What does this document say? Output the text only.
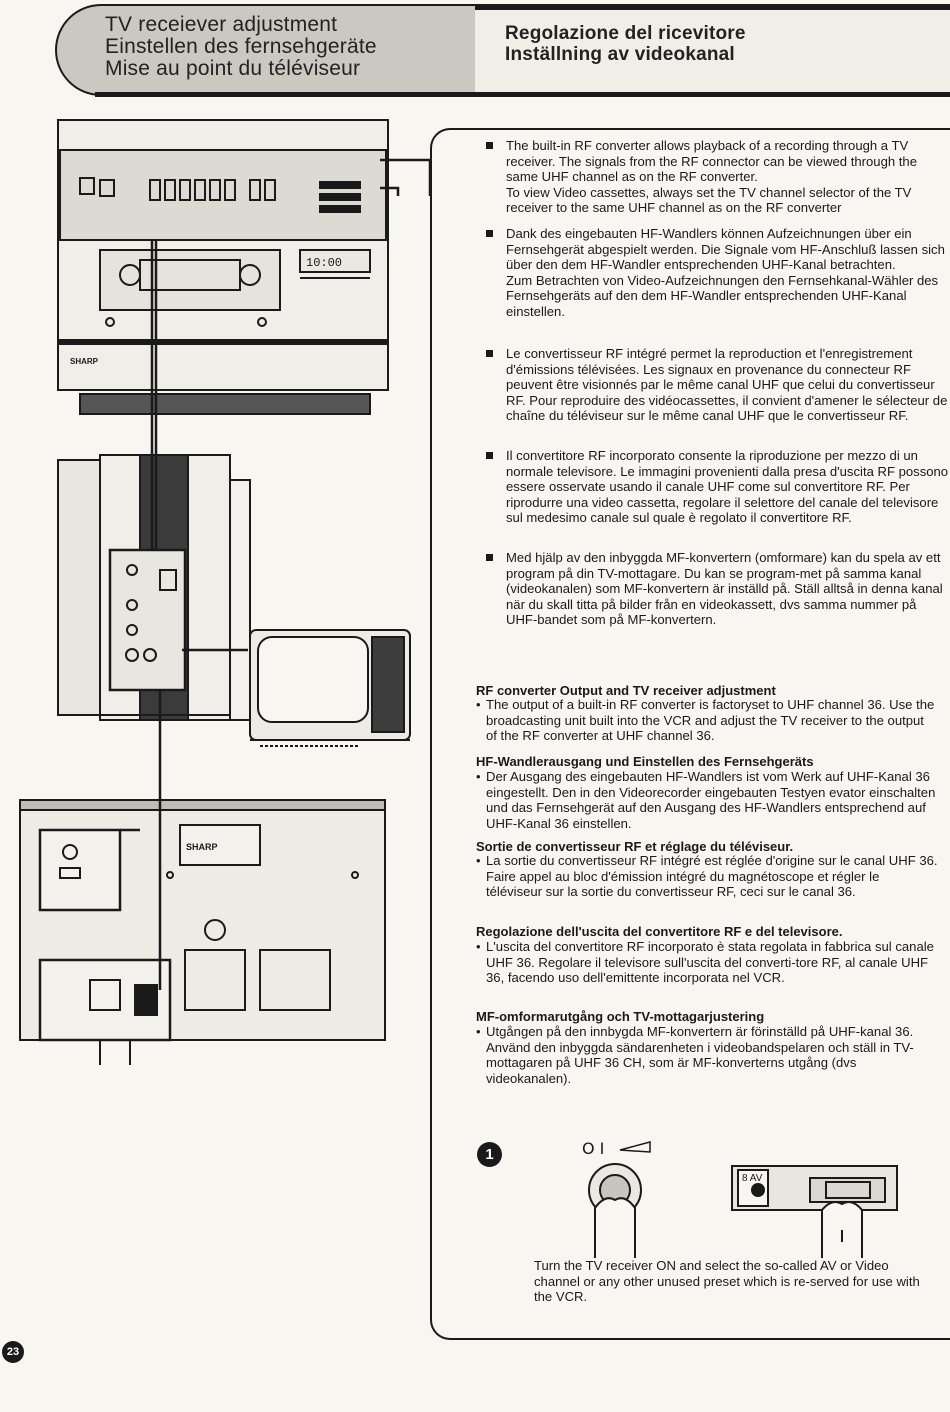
TV receiever adjustment
Einstellen des fernsehgeräte
Mise au point du téléviseur
Regolazione del ricevitore
Inställning av videokanal
SHARP
10:00
SHARP

The built-in RF converter allows playback of a recording through a TV receiver. The signals from the RF connector can be viewed through the same UHF channel as on the RF converter.

To view Video cassettes, always set the TV channel selector of the TV receiver to the same UHF channel as on the RF converter

Dank des eingebauten HF-Wandlers können Aufzeichnungen über ein Fernsehgerät abgespielt werden. Die Signale vom HF-Anschluß lassen sich über den dem HF-Wandler entsprechenden UHF-Kanal betrachten.

Zum Betrachten von Video-Aufzeichnungen den Fernsehkanal-Wähler des Fernsehgeräts auf den dem HF-Wandler entsprechenden UHF-Kanal einstellen.

Le convertisseur RF intégré permet la reproduction et l'enregistrement d'émissions télévisées. Les signaux en provenance du connecteur RF peuvent être visionnés par le même canal UHF que celui du convertisseur RF. Pour reproduire des vidéocassettes, il convient d'amener le sélecteur de chaîne du téléviseur sur le même canal UHF que le convertisseur RF.

Il convertitore RF incorporato consente la riproduzione per mezzo di un normale televisore. Le immagini provenienti dalla presa d'uscita RF possono essere osservate usando il canale UHF come sul convertitore RF. Per riprodurre una video cassetta, regolare il selettore del canale del televisore sul medesimo canale sul quale è regolato il convertitore RF.

Med hjälp av den inbyggda MF-konvertern (omformare) kan du spela av ett program på din TV-mottagare. Du kan se program-met på samma kanal (videokanalen) som MF-konvertern är inställd på. Ställ alltså in denna kanal när du skall titta på bilder från en videokassett, dvs samma nummer på UHF-bandet som på MF-konvertern.

RF converter Output and TV receiver adjustment
• The output of a built-in RF converter is factoryset to UHF channel 36. Use the broadcasting unit built into the VCR and adjust the TV receiver to the output of the RF converter at UHF channel 36.

HF-Wandlerausgang und Einstellen des Fernsehgeräts
• Der Ausgang des eingebauten HF-Wandlers ist vom Werk auf UHF-Kanal 36 eingestellt. Den in den Videorecorder eingebauten Testyen evator einschalten und das Fernsehgerät auf den Ausgang des HF-Wandlers entsprechend auf UHF-Kanal 36 einstellen.

Sortie de convertisseur RF et réglage du téléviseur.
• La sortie du convertisseur RF intégré est réglée d'origine sur le canal UHF 36. Faire appel au bloc d'émission intégré du magnétoscope et régler le téléviseur sur la sortie du convertisseur RF, ceci sur le canal 36.

Regolazione dell'uscita del convertitore RF e del televisore.
• L'uscita del convertitore RF incorporato è stata regolata in fabbrica sul canale UHF 36. Regolare il televisore sull'uscita del converti-tore RF, al canale UHF 36, facendo uso dell'emittente incorporata nel VCR.

MF-omformarutgång och TV-mottagarjustering
• Utgången på den innbygda MF-konvertern är förinställd på UHF-kanal 36. Använd den inbyggda sändarenheten i videobandspelaren och ställ in TV-mottagaren på UHF 36 CH, som är MF-konverterns utgång (dvs videokanalen).

1	O I
8 AV
Turn the TV receiver ON and select the so-called AV or Video channel or any other unused preset which is re-served for use with the VCR.
23
